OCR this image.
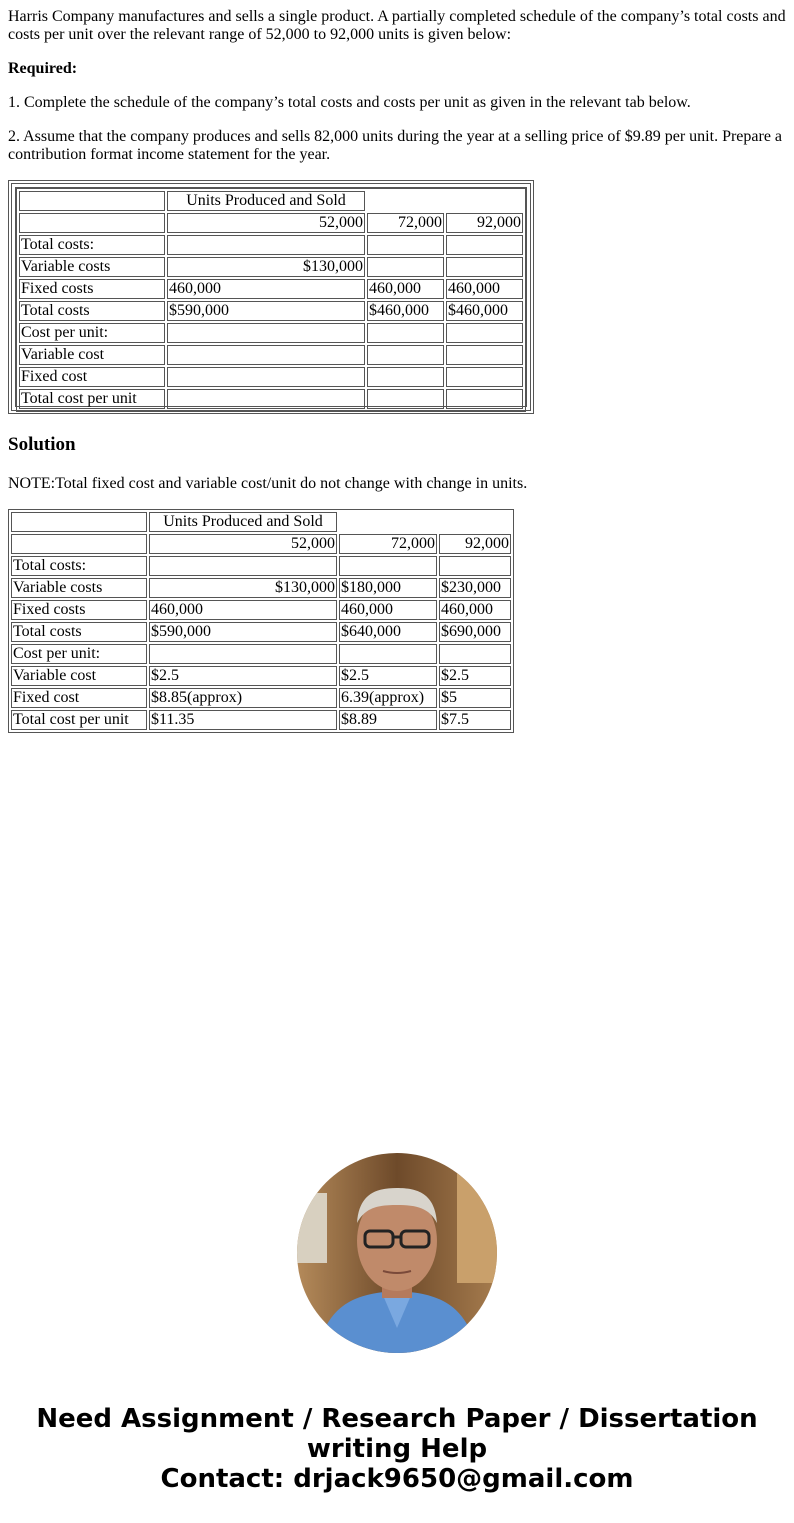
Harris Company manufactures and sells a single product. A partially completed schedule of the company’s total costs and costs per unit over the relevant range of 52,000 to 92,000 units is given below:

Required:

1. Complete the schedule of the company’s total costs and costs per unit as given in the relevant tab below.

2. Assume that the company produces and sells 82,000 units during the year at a selling price of $9.89 per unit. Prepare a contribution format income statement for the year.

	Units Produced and Sold		
	52,000	72,000	92,000
Total costs:			
Variable costs	$130,000		
Fixed costs	460,000	460,000	460,000
Total costs	$590,000	$460,000	$460,000
Cost per unit:			
Variable cost			
Fixed cost			
Total cost per unit			
Solution
NOTE:Total fixed cost and variable cost/unit do not change with change in units.
	Units Produced and Sold		
	52,000	72,000	92,000
Total costs:			
Variable costs	$130,000	$180,000	$230,000
Fixed costs	460,000	460,000	460,000
Total costs	$590,000	$640,000	$690,000
Cost per unit:			
Variable cost	$2.5	$2.5	$2.5
Fixed cost	$8.85(approx)	6.39(approx)	$5
Total cost per unit	$11.35	$8.89	$7.5
Need Assignment / Research Paper / Dissertation
writing Help
Contact: drjack9650@gmail.com
